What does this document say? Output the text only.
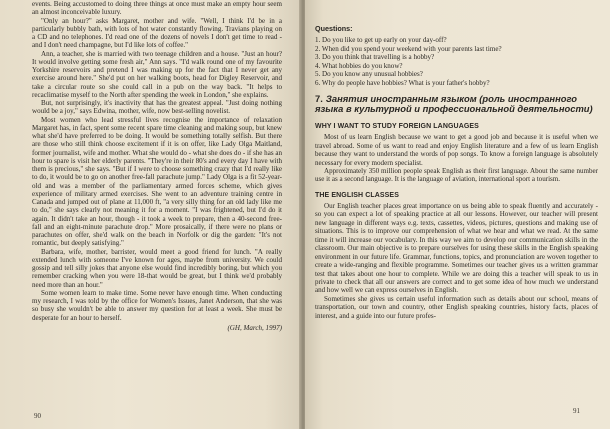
events. Being accustomed to doing three things at once must make an empty hour seem an almost inconceivable luxury.

"Only an hour?" asks Margaret, mother and wife. "Well, I think I'd be in a particularly bubbly bath, with lots of hot water constantly flowing. Travians playing on a CD and no telephones. I'd read one of the dozens of novels I don't get time to read - and I don't need champagne, but I'd like lots of coffee."

Ann, a teacher, she is married with two teenage children and a house. "Just an hour? It would involve getting some fresh air," Ann says. "I'd walk round one of my favourite Yorkshire reservoirs and pretend I was making up for the fact that I never get any exercise around here." She'd put on her walking boots, head for Digley Reservoir, and take a circular route so she could call in a pub on the way back. "It helps to recaclimatise myself to the North after spending the week in London," she explains.

But, not surprisingly, it's inactivity that has the greatest appeal. "Just doing nothing would be a joy," says Edwina, mother, wife, now best-selling novelist.

Most women who lead stressful lives recognise the importance of relaxation Margaret has, in fact, spent some recent spare time cleaning and making soup, but knew what she'd have preferred to be doing. It would be something totally selfish. But there are those who still think choose excitement if it is on offer, like Lady Olga Maitland, former journalist, wife and mother. What she would do - what she does do - if she has an hour to spare is visit her elderly parents. "They're in their 80's and every day I have with them is precious," she says. "But if I were to choose something crazy that I'd really like to do, it would be to go on another free-fall parachute jump." Lady Olga is a fit 52-year-old and was a member of the parliamentary armed forces scheme, which gives experience of military armed exercises. She went to an adventure training centre in Canada and jumped out of plane at 11,000 ft, "a very silly thing for an old lady like me to do," she says clearly not meaning it for a moment. "I was frightened, but I'd do it again. It didn't take an hour, though - it took a week to prepare, then a 40-second free-fall and an eight-minute parachute drop." More prosaically, if there were no plans or parachutes on offer, she'd walk on the beach in Norfolk or dig the garden: "It's not romantic, but deeply satisfying."

Barbara, wife, mother, barrister, would meet a good friend for lunch. "A really extended lunch with someone I've known for ages, maybe from university. We could gossip and tell silly jokes that anyone else would find incredibly boring, but which you remember cracking when you were 18-that would be great, but I think we'd probably need more than an hour."

Some women learn to make time. Some never have enough time. When conducting my research, I was told by the office for Women's Issues, Janet Anderson, that she was so busy she wouldn't be able to answer my question for at least a week. She must be desperate for an hour to herself.

(GH, March, 1997)
90
Questions:
1. Do you like to get up early on your day-off?
2. When did you spend your weekend with your parents last time?
3. Do you think that travelling is a hobby?
4. What hobbies do you know?
5. Do you know any unusual hobbies?
6. Why do people have hobbies? What is your father's hobby?
7. Занятия иностранным языком (роль иностранного языка в культурной и профессиональной деятельности)
WHY I WANT TO STUDY FOREIGN LANGUAGES

Most of us learn English because we want to get a good job and because it is useful when we travel abroad. Some of us want to read and enjoy English literature and a few of us learn English because they want to understand the words of pop songs. To know a foreign language is absolutely necessary for every modern specialist.

Approximately 350 million people speak English as their first language. About the same number use it as a second language. It is the language of aviation, international sport a tourism.

THE ENGLISH CLASSES

Our English teacher places great importance on us being able to speak fluently and accurately - so you can expect a lot of speaking practice at all our lessons. However, our teacher will present new language in different ways e.g. texts, cassettes, videos, pictures, questions and making use of situations. This is to improve our comprehension of what we hear and what we read. At the same time it will increase our vocabulary. In this way we aim to develop our communication skills in the classroom. Our main objective is to prepare ourselves for using these skills in the English speaking environment in our future life. Grammar, functions, topics, and pronunciation are woven together to create a wide-ranging and flexible programme. Sometimes our teacher gives us a written grammar test that takes about one hour to complete. While we are doing this a teacher will speak to us in private to check that all our answers are correct and to get some idea of how much we understand and how well we can express ourselves in English.

Sometimes she gives us certain useful information such as details about our school, means of transportation, our town and country, other English speaking countries, history facts, places of interest, and a guide into our future profes-

91
